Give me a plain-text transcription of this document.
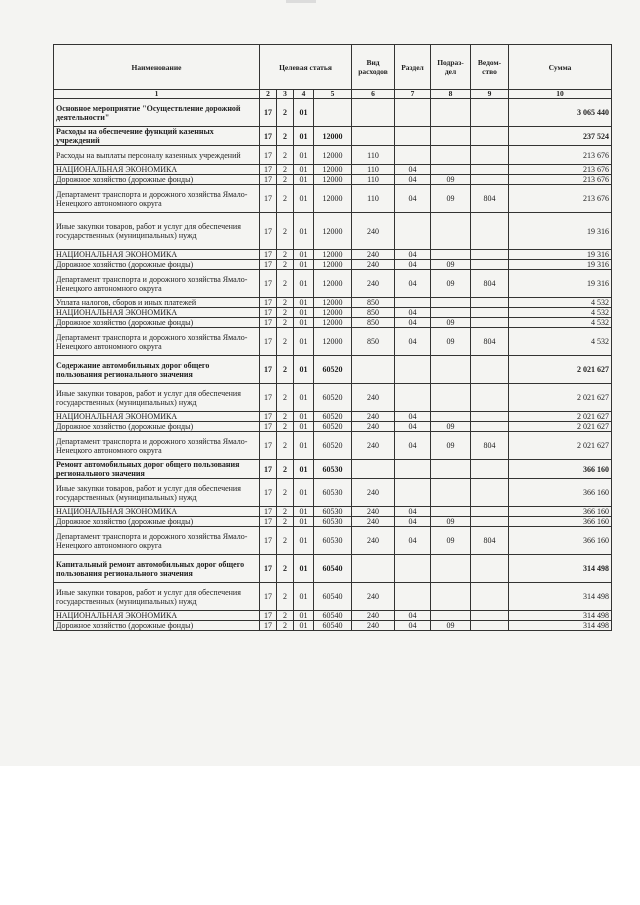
Наименование	Целевая статья				Вид расходов	Раздел	Подраз-дел	Ведом-ство	Сумма
1	2	3	4	5	6	7	8	9	10
Основное мероприятие "Осуществление дорожной деятельности"	17	2	01						3 065 440
Расходы на обеспечение функций казенных учреждений	17	2	01	12000					237 524
Расходы на выплаты персоналу казенных учреждений	17	2	01	12000	110				213 676
НАЦИОНАЛЬНАЯ ЭКОНОМИКА	17	2	01	12000	110	04			213 676
Дорожное хозяйство (дорожные фонды)	17	2	01	12000	110	04	09		213 676
Департамент транспорта и дорожного хозяйства Ямало-Ненецкого автономного округа	17	2	01	12000	110	04	09	804	213 676
Иные закупки товаров, работ и услуг для обеспечения государственных (муниципальных) нужд	17	2	01	12000	240				19 316
НАЦИОНАЛЬНАЯ ЭКОНОМИКА	17	2	01	12000	240	04			19 316
Дорожное хозяйство (дорожные фонды)	17	2	01	12000	240	04	09		19 316
Департамент транспорта и дорожного хозяйства Ямало-Ненецкого автономного округа	17	2	01	12000	240	04	09	804	19 316
Уплата налогов, сборов и иных платежей	17	2	01	12000	850				4 532
НАЦИОНАЛЬНАЯ ЭКОНОМИКА	17	2	01	12000	850	04			4 532
Дорожное хозяйство (дорожные фонды)	17	2	01	12000	850	04	09		4 532
Департамент транспорта и дорожного хозяйства Ямало-Ненецкого автономного округа	17	2	01	12000	850	04	09	804	4 532
Содержание автомобильных дорог общего пользования регионального значения	17	2	01	60520					2 021 627
Иные закупки товаров, работ и услуг для обеспечения государственных (муниципальных) нужд	17	2	01	60520	240				2 021 627
НАЦИОНАЛЬНАЯ ЭКОНОМИКА	17	2	01	60520	240	04			2 021 627
Дорожное хозяйство (дорожные фонды)	17	2	01	60520	240	04	09		2 021 627
Департамент транспорта и дорожного хозяйства Ямало-Ненецкого автономного округа	17	2	01	60520	240	04	09	804	2 021 627
Ремонт автомобильных дорог общего пользования регионального значения	17	2	01	60530					366 160
Иные закупки товаров, работ и услуг для обеспечения государственных (муниципальных) нужд	17	2	01	60530	240				366 160
НАЦИОНАЛЬНАЯ ЭКОНОМИКА	17	2	01	60530	240	04			366 160
Дорожное хозяйство (дорожные фонды)	17	2	01	60530	240	04	09		366 160
Департамент транспорта и дорожного хозяйства Ямало-Ненецкого автономного округа	17	2	01	60530	240	04	09	804	366 160
Капитальный ремонт автомобильных дорог общего пользования регионального значения	17	2	01	60540					314 498
Иные закупки товаров, работ и услуг для обеспечения государственных (муниципальных) нужд	17	2	01	60540	240				314 498
НАЦИОНАЛЬНАЯ ЭКОНОМИКА	17	2	01	60540	240	04			314 498
Дорожное хозяйство (дорожные фонды)	17	2	01	60540	240	04	09		314 498
